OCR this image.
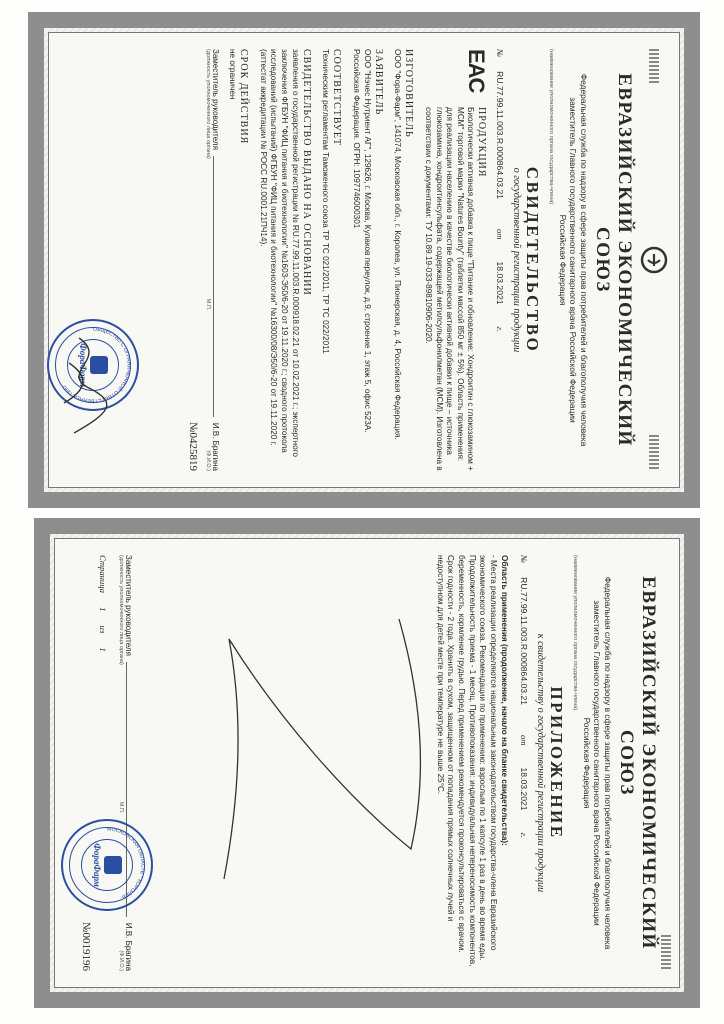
ЕВРАЗИЙСКИЙ ЭКОНОМИЧЕСКИЙ СОЮЗ
Федеральная служба по надзору в сфере защиты прав потребителей и благополучия человека
заместитель Главного государственного санитарного врача Российской Федерации
Российская Федерация
(наименование уполномоченного органа государства-члена)
СВИДЕТЕЛЬСТВО
о государственной регистрации продукции
№
RU.77.99.11.003.R.000864.03.21
от
18.03.2021
г.
EAC
ПРОДУКЦИЯ
Биологически активная добавка к пище "Питание и обновление: Хондроитин с глюкозамином + МСМ" торговой марки "Natures Bounty" (таблетки массой 850 мг ± 5%). Область применения: для реализации населению в качестве биологически активной добавки к пище – источника глюкозамина, хондроитинсульфата, содержащей метилсульфонилметан (МСМ). Изготовлена в соответствии с документами: ТУ 10.89.19-033-89810906-2020.
ИЗГОТОВИТЕЛЬ
ООО "Фора-Фарм", 141074, Московская обл., г. Королев, ул. Пионерская, д. 4, Российская Федерация.
ЗАЯВИТЕЛЬ
ООО "Нэчес Нутриент АГ", 129626, г. Москва, Кулаков переулок, д.9, строение 1, этаж 5, офис 523А. Российская Федерация. ОГРН: 1097746000301
СООТВЕТСТВУЕТ
Техническим регламентам Таможенного союза ТР ТС 021/2011, ТР ТС 022/2011
СВИДЕТЕЛЬСТВО ВЫДАНО НА ОСНОВАНИИ
заявления о государственной регистрации № RU.77.99.11.003.R.000918.02.21 от 10.02.2021 г.; экспертного заключения ФГБУН "ФИЦ питания и биотехнологии" №1603-Э50/6-20 от 19.11.2020 г.; сводного протокола исследований (испытаний) ФГБУН "ФИЦ питания и биотехнологии" №16300/08/Э50/6-20 от 19.11.2020 г. (аттестат аккредитации № РОСС RU.0001.21ПЧ14).
СРОК ДЕЙСТВИЯ
не ограничен
Заместитель руководителя
И.В. Брагина
(должность уполномоченного лица органа)
М.П.
(Ф.И.О.)
№0425819
ОБЩЕСТВО С ОГРАНИЧЕННОЙ ОТВЕТСТВЕННОСТЬЮ
ФораФарм
ЕВРАЗИЙСКИЙ ЭКОНОМИЧЕСКИЙ СОЮЗ
Федеральная служба по надзору в сфере защиты прав потребителей и благополучия человека
заместитель Главного государственного санитарного врача Российской Федерации
Российская Федерация
(наименование уполномоченного органа государства-члена)
ПРИЛОЖЕНИЕ
к свидетельству о государственной регистрации продукции
№
RU.77.99.11.003.R.000864.03.21
от
18.03.2021
г.
Область применения (продолжение, начало на бланке свидетельства):
- Места реализации определяются национальным законодательством государства-члена Евразийского экономического союза. Рекомендации по применению: взрослым по 1 капсуле 1 раз в день во время еды. Продолжительность приема - 1 месяц. Противопоказания: индивидуальная непереносимость компонентов, беременность, кормление грудью. Перед применением рекомендуется проконсультироваться с врачом. Срок годности - 2 года. Хранить в сухом, защищенном от попадания прямых солнечных лучей и недоступном для детей месте при температуре не выше 25°С.
Заместитель руководителя
И.В. Брагина
(должность уполномоченного лица органа)
М.П.
(Ф.И.О.)
Страница 1 из 1
№0019196
МОСКОВСКАЯ ОБЛАСТЬ * КОРОЛЕВ
ФораФарм
